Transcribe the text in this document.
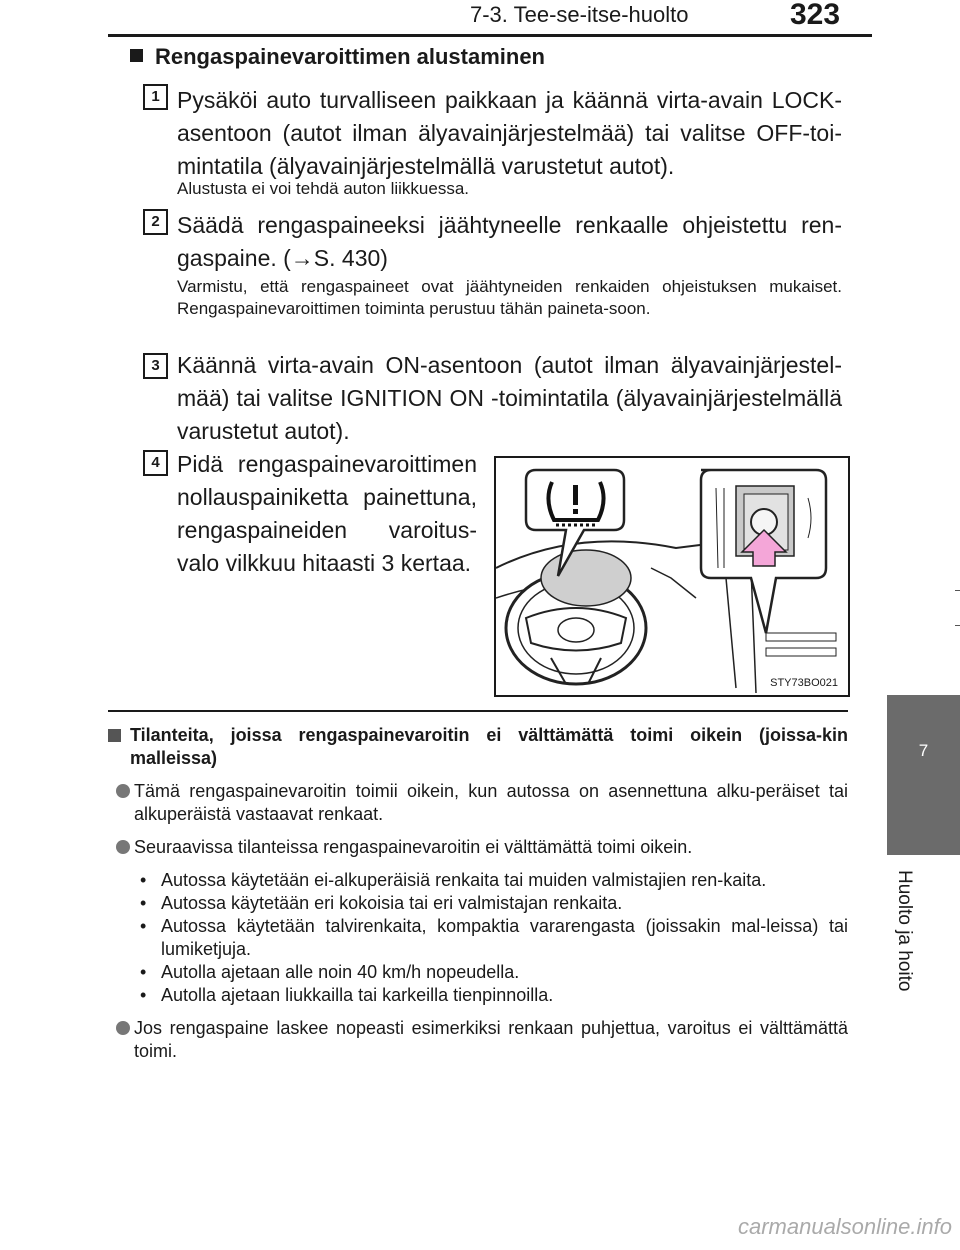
7-3. Tee-se-itse-huolto	323
7
Huolto ja hoito
Rengaspainevaroittimen alustaminen
1 Pysäköi auto turvalliseen paikkaan ja käännä virta-avain LOCK-asentoon (autot ilman älyavainjärjestelmää) tai valitse OFF-toi-mintatila (älyavainjärjestelmällä varustetut autot).
Alustusta ei voi tehdä auton liikkuessa.
2 Säädä rengaspaineeksi jäähtyneelle renkaalle ohjeistettu ren-gaspaine. (→S. 430)
Varmistu, että rengaspaineet ovat jäähtyneiden renkaiden ohjeistuksen mukaiset. Rengaspainevaroittimen toiminta perustuu tähän paineta-soon.
3 Käännä virta-avain ON-asentoon (autot ilman älyavainjärjestel-mää) tai valitse IGNITION ON -toimintatila (älyavainjärjestelmällä varustetut autot).
4 Pidä rengaspainevaroittimen nollauspainiketta painettuna, rengaspaineiden varoitus-valo vilkkuu hitaasti 3 kertaa.
STY73BO021
Tilanteita, joissa rengaspainevaroitin ei välttämättä toimi oikein (joissa-kin malleissa)
Tämä rengaspainevaroitin toimii oikein, kun autossa on asennettuna alku-peräiset tai alkuperäistä vastaavat renkaat.
Seuraavissa tilanteissa rengaspainevaroitin ei välttämättä toimi oikein.
• Autossa käytetään ei-alkuperäisiä renkaita tai muiden valmistajien ren-kaita.
• Autossa käytetään eri kokoisia tai eri valmistajan renkaita.
• Autossa käytetään talvirenkaita, kompaktia vararengasta (joissakin mal-leissa) tai lumiketjuja.
• Autolla ajetaan alle noin 40 km/h nopeudella.
• Autolla ajetaan liukkailla tai karkeilla tienpinnoilla.
Jos rengaspaine laskee nopeasti esimerkiksi renkaan puhjettua, varoitus ei välttämättä toimi.
carmanualsonline.info
